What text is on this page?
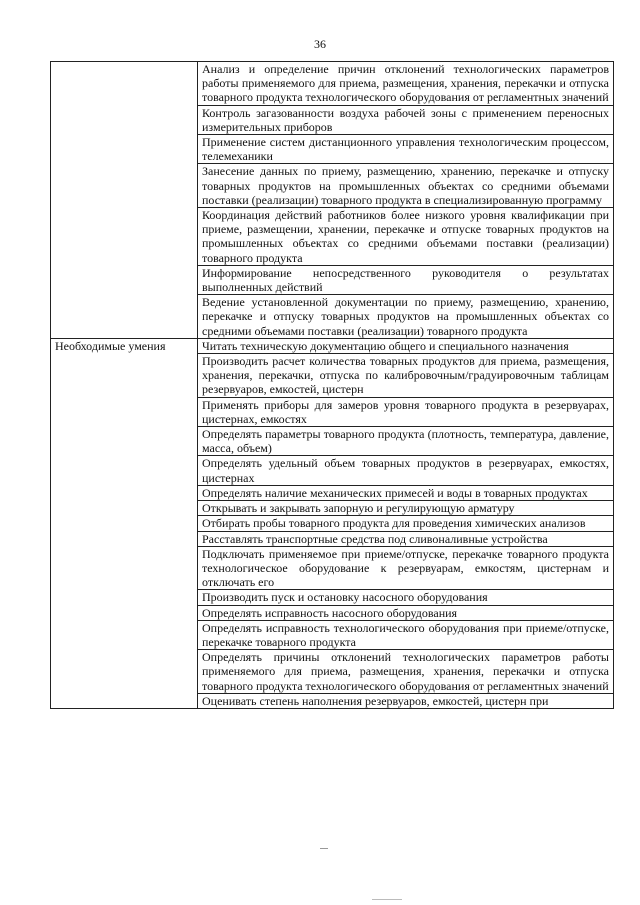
36
	Анализ и определение причин отклонений технологических параметров работы применяемого для приема, размещения, хранения, перекачки и отпуска товарного продукта технологического оборудования от регламентных значений
	Контроль загазованности воздуха рабочей зоны с применением переносных измерительных приборов
	Применение систем дистанционного управления технологическим процессом, телемеханики
	Занесение данных по приему, размещению, хранению, перекачке и отпуску товарных продуктов на промышленных объектах со средними объемами поставки (реализации) товарного продукта в специализированную программу
	Координация действий работников более низкого уровня квалификации при приеме, размещении, хранении, перекачке и отпуске товарных продуктов на промышленных объектах со средними объемами поставки (реализации) товарного продукта
	Информирование непосредственного руководителя о результатах выполненных действий
	Ведение установленной документации по приему, размещению, хранению, перекачке и отпуску товарных продуктов на промышленных объектах со средними объемами поставки (реализации) товарного продукта
Необходимые умения	Читать техническую документацию общего и специального назначения
	Производить расчет количества товарных продуктов для приема, размещения, хранения, перекачки, отпуска по калибровочным/градуировочным таблицам резервуаров, емкостей, цистерн
	Применять приборы для замеров уровня товарного продукта в резервуарах, цистернах, емкостях
	Определять параметры товарного продукта (плотность, температура, давление, масса, объем)
	Определять удельный объем товарных продуктов в резервуарах, емкостях, цистернах
	Определять наличие механических примесей и воды в товарных продуктах
	Открывать и закрывать запорную и регулирующую арматуру
	Отбирать пробы товарного продукта для проведения химических анализов
	Расставлять транспортные средства под сливоналивные устройства
	Подключать применяемое при приеме/отпуске, перекачке товарного продукта технологическое оборудование к резервуарам, емкостям, цистернам и отключать его
	Производить пуск и остановку насосного оборудования
	Определять исправность насосного оборудования
	Определять исправность технологического оборудования при приеме/отпуске, перекачке товарного продукта
	Определять причины отклонений технологических параметров работы применяемого для приема, размещения, хранения, перекачки и отпуска товарного продукта технологического оборудования от регламентных значений
	Оценивать степень наполнения резервуаров, емкостей, цистерн при
